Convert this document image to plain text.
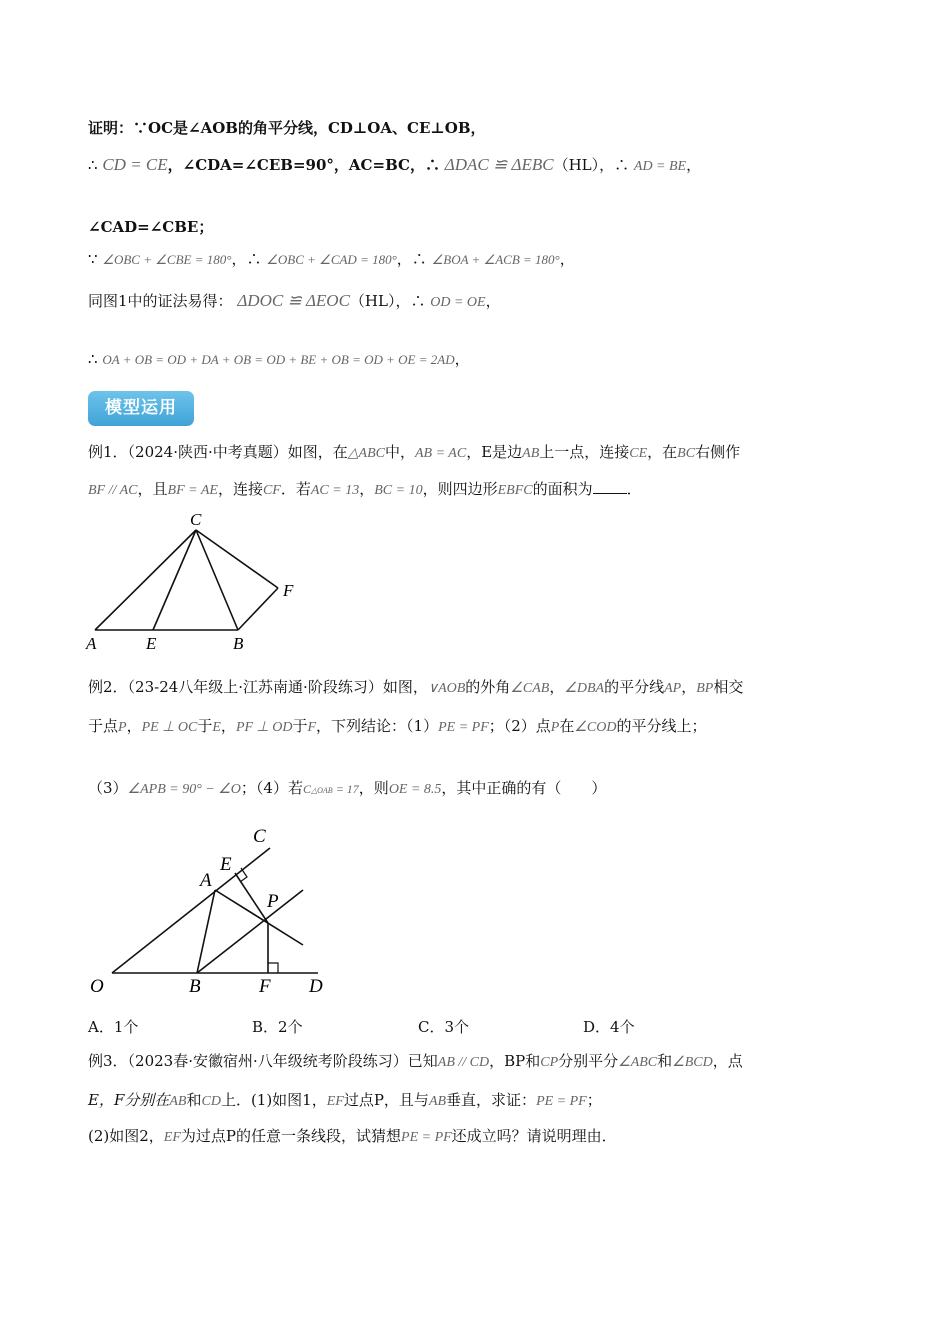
证明：∵OC是∠AOB的角平分线，CD⊥OA、CE⊥OB，
∴ CD = CE，∠CDA=∠CEB=90°，AC=BC，∴ ΔDAC ≌ ΔEBC（HL），∴ AD = BE，
∠CAD=∠CBE；
∵ ∠OBC + ∠CBE = 180°，∴ ∠OBC + ∠CAD = 180°，∴ ∠BOA + ∠ACB = 180°，
同图1中的证法易得： ΔDOC ≌ ΔEOC（HL），∴ OD = OE，
∴ OA + OB = OD + DA + OB = OD + BE + OB = OD + OE = 2AD，
模型运用
例1．（2024·陕西·中考真题）如图，在△ABC中，AB = AC，E是边AB上一点，连接CE，在BC右侧作
BF // AC，且BF = AE，连接CF．若AC = 13，BC = 10，则四边形EBFC的面积为 ．
C
F
A	E	B
例2．（23-24八年级上·江苏南通·阶段练习）如图，∨AOB的外角∠CAB，∠DBA的平分线AP，BP相交
于点P，PE ⊥ OC于E，PF ⊥ OD于F，下列结论：（1）PE = PF；（2）点P在∠COD的平分线上；
（3）∠APB = 90° − ∠O；（4）若C△OAB = 17，则OE = 8.5，其中正确的有（　　）
C
E
A
P
O	B	F D
A．1个	B．2个	C．3个	D．4个
例3．（2023春·安徽宿州·八年级统考阶段练习）已知AB // CD，BP和CP分别平分∠ABC和∠BCD，点
E，F分别在AB和CD上．(1)如图1，EF过点P，且与AB垂直，求证：PE = PF；
(2)如图2，EF为过点P的任意一条线段，试猜想PE = PF还成立吗？请说明理由．
